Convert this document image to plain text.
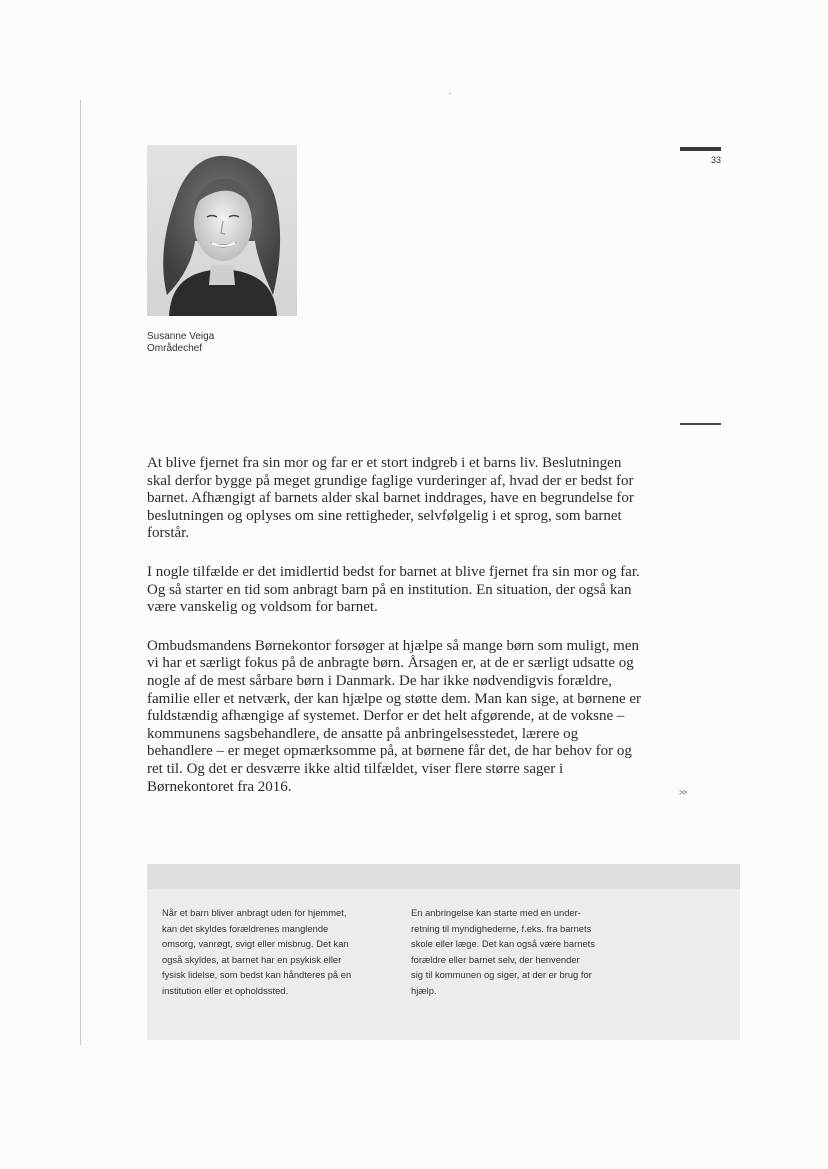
33
>>
Susanne Veiga
Områdechef

At blive fjernet fra sin mor og far er et stort indgreb i et barns liv. Beslutningen skal derfor bygge på meget grundige faglige vurderinger af, hvad der er bedst for barnet. Afhængigt af barnets alder skal barnet inddrages, have en begrundelse for beslutningen og oplyses om sine rettigheder, selvfølgelig i et sprog, som barnet forstår.

I nogle tilfælde er det imidlertid bedst for barnet at blive fjernet fra sin mor og far. Og så starter en tid som anbragt barn på en institution. En situation, der også kan være vanskelig og voldsom for barnet.

Ombudsmandens Børnekontor forsøger at hjælpe så mange børn som muligt, men vi har et særligt fokus på de anbragte børn. Årsagen er, at de er særligt udsatte og nogle af de mest sårbare børn i Danmark. De har ikke nødvendigvis forældre, familie eller et netværk, der kan hjælpe og støtte dem. Man kan sige, at børnene er fuldstændig afhængige af systemet. Derfor er det helt afgørende, at de voksne – kommunens sagsbehandlere, de ansatte på anbringelsesstedet, lærere og behandlere – er meget opmærksomme på, at børnene får det, de har behov for og ret til. Og det er desværre ikke altid tilfældet, viser flere større sager i Børnekontoret fra 2016.

Når et barn bliver anbragt uden for hjemmet,
kan det skyldes forældrenes manglende
omsorg, vanrøgt, svigt eller misbrug. Det kan
også skyldes, at barnet har en psykisk eller
fysisk lidelse, som bedst kan håndteres på en
institution eller et opholdssted.
En anbringelse kan starte med en under-
retning til myndighederne, f.eks. fra barnets
skole eller læge. Det kan også være barnets
forældre eller barnet selv, der henvender
sig til kommunen og siger, at der er brug for
hjælp.
